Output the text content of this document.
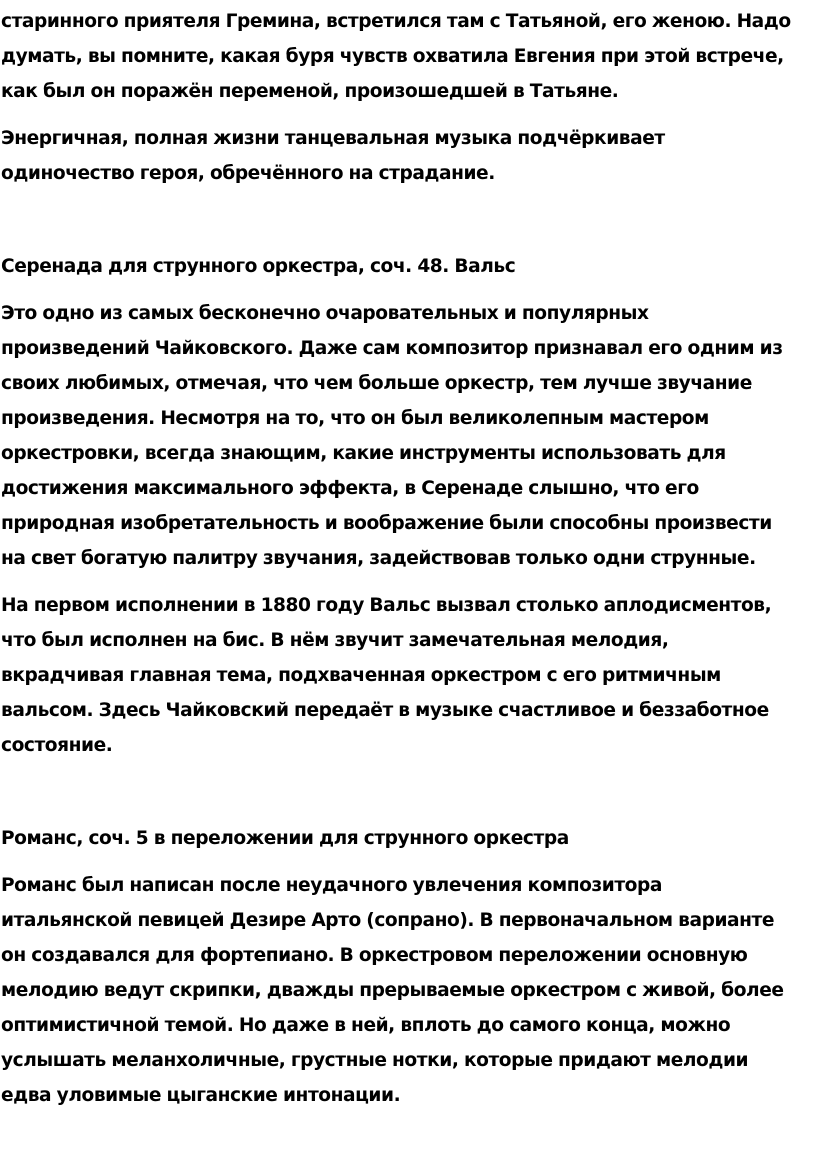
старинного приятеля Гремина, встретился там с Татьяной, его женою. Надо
думать, вы помните, какая буря чувств охватила Евгения при этой встрече,
как был он поражён переменой, произошедшей в Татьяне.
Энергичная, полная жизни танцевальная музыка подчёркивает
одиночество героя, обречённого на страдание.
Серенада для струнного оркестра, соч. 48. Вальс
Это одно из самых бесконечно очаровательных и популярных
произведений Чайковского. Даже сам композитор признавал его одним из
своих любимых, отмечая, что чем больше оркестр, тем лучше звучание
произведения. Несмотря на то, что он был великолепным мастером
оркестровки, всегда знающим, какие инструменты использовать для
достижения максимального эффекта, в Серенаде слышно, что его
природная изобретательность и воображение были способны произвести
на свет богатую палитру звучания, задействовав только одни струнные.
На первом исполнении в 1880 году Вальс вызвал столько аплодисментов,
что был исполнен на бис. В нём звучит замечательная мелодия,
вкрадчивая главная тема, подхваченная оркестром с его ритмичным
вальсом. Здесь Чайковский передаёт в музыке счастливое и беззаботное
состояние.
Романс, соч. 5 в переложении для струнного оркестра
Романс был написан после неудачного увлечения композитора
итальянской певицей Дезире Арто (сопрано). В первоначальном варианте
он создавался для фортепиано. В оркестровом переложении основную
мелодию ведут скрипки, дважды прерываемые оркестром с живой, более
оптимистичной темой. Но даже в ней, вплоть до самого конца, можно
услышать меланхоличные, грустные нотки, которые придают мелодии
едва уловимые цыганские интонации.
